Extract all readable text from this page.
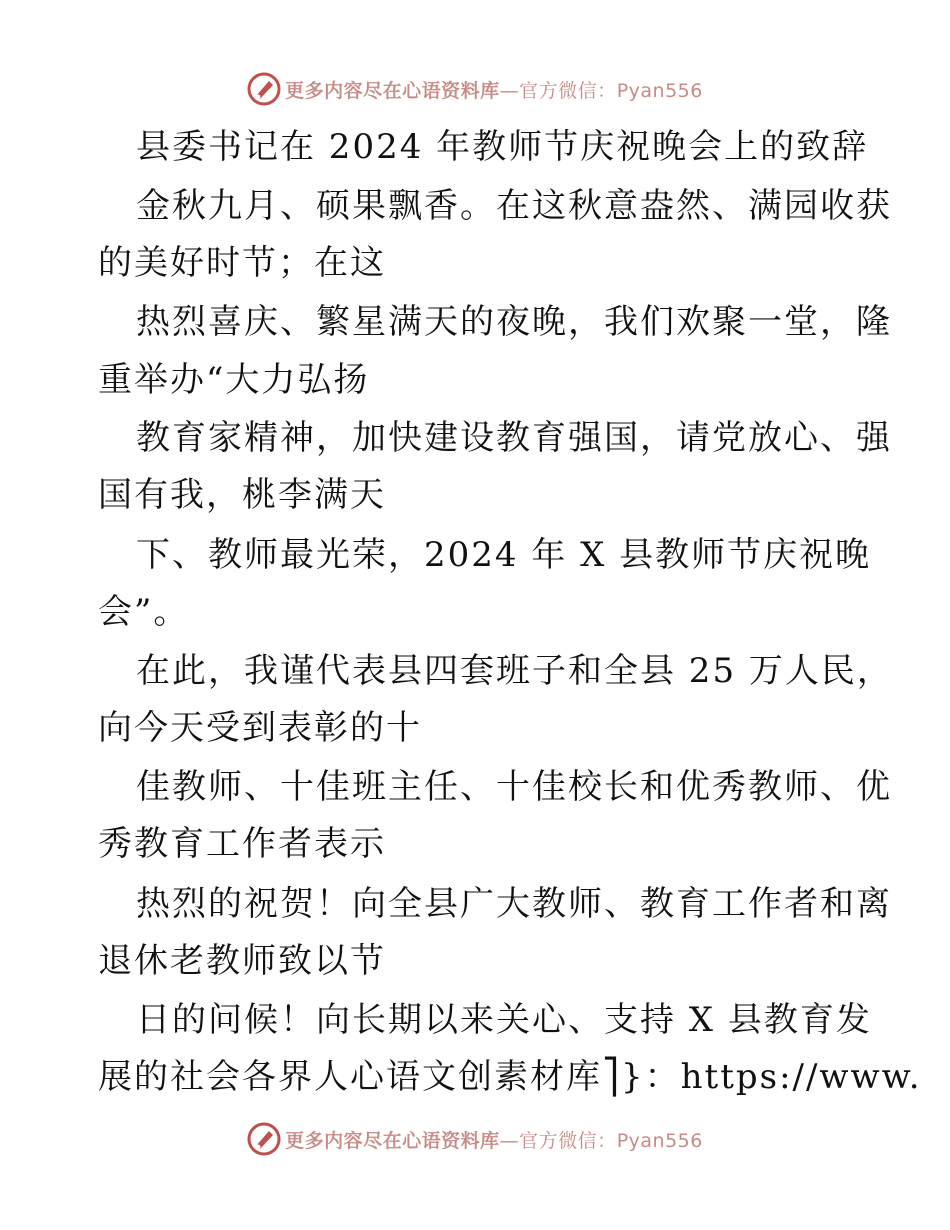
更多内容尽在心语资料库—官方微信：Pyan556
县委书记在 2024 年教师节庆祝晚会上的致辞
金秋九月、硕果飘香。在这秋意盎然、满园收获
的美好时节；在这
热烈喜庆、繁星满天的夜晚，我们欢聚一堂，隆
重举办“大力弘扬
教育家精神，加快建设教育强国，请党放心、强
国有我，桃李满天
下、教师最光荣，2024 年 X 县教师节庆祝晚
会”。
在此，我谨代表县四套班子和全县 25 万人民，
向今天受到表彰的十
佳教师、十佳班主任、十佳校长和优秀教师、优
秀教育工作者表示
热烈的祝贺！向全县广大教师、教育工作者和离
退休老教师致以节
日的问候！向长期以来关心、支持 X 县教育发
展的社会各界人心语文创素材库⎤}：https://www.
更多内容尽在心语资料库—官方微信：Pyan556
